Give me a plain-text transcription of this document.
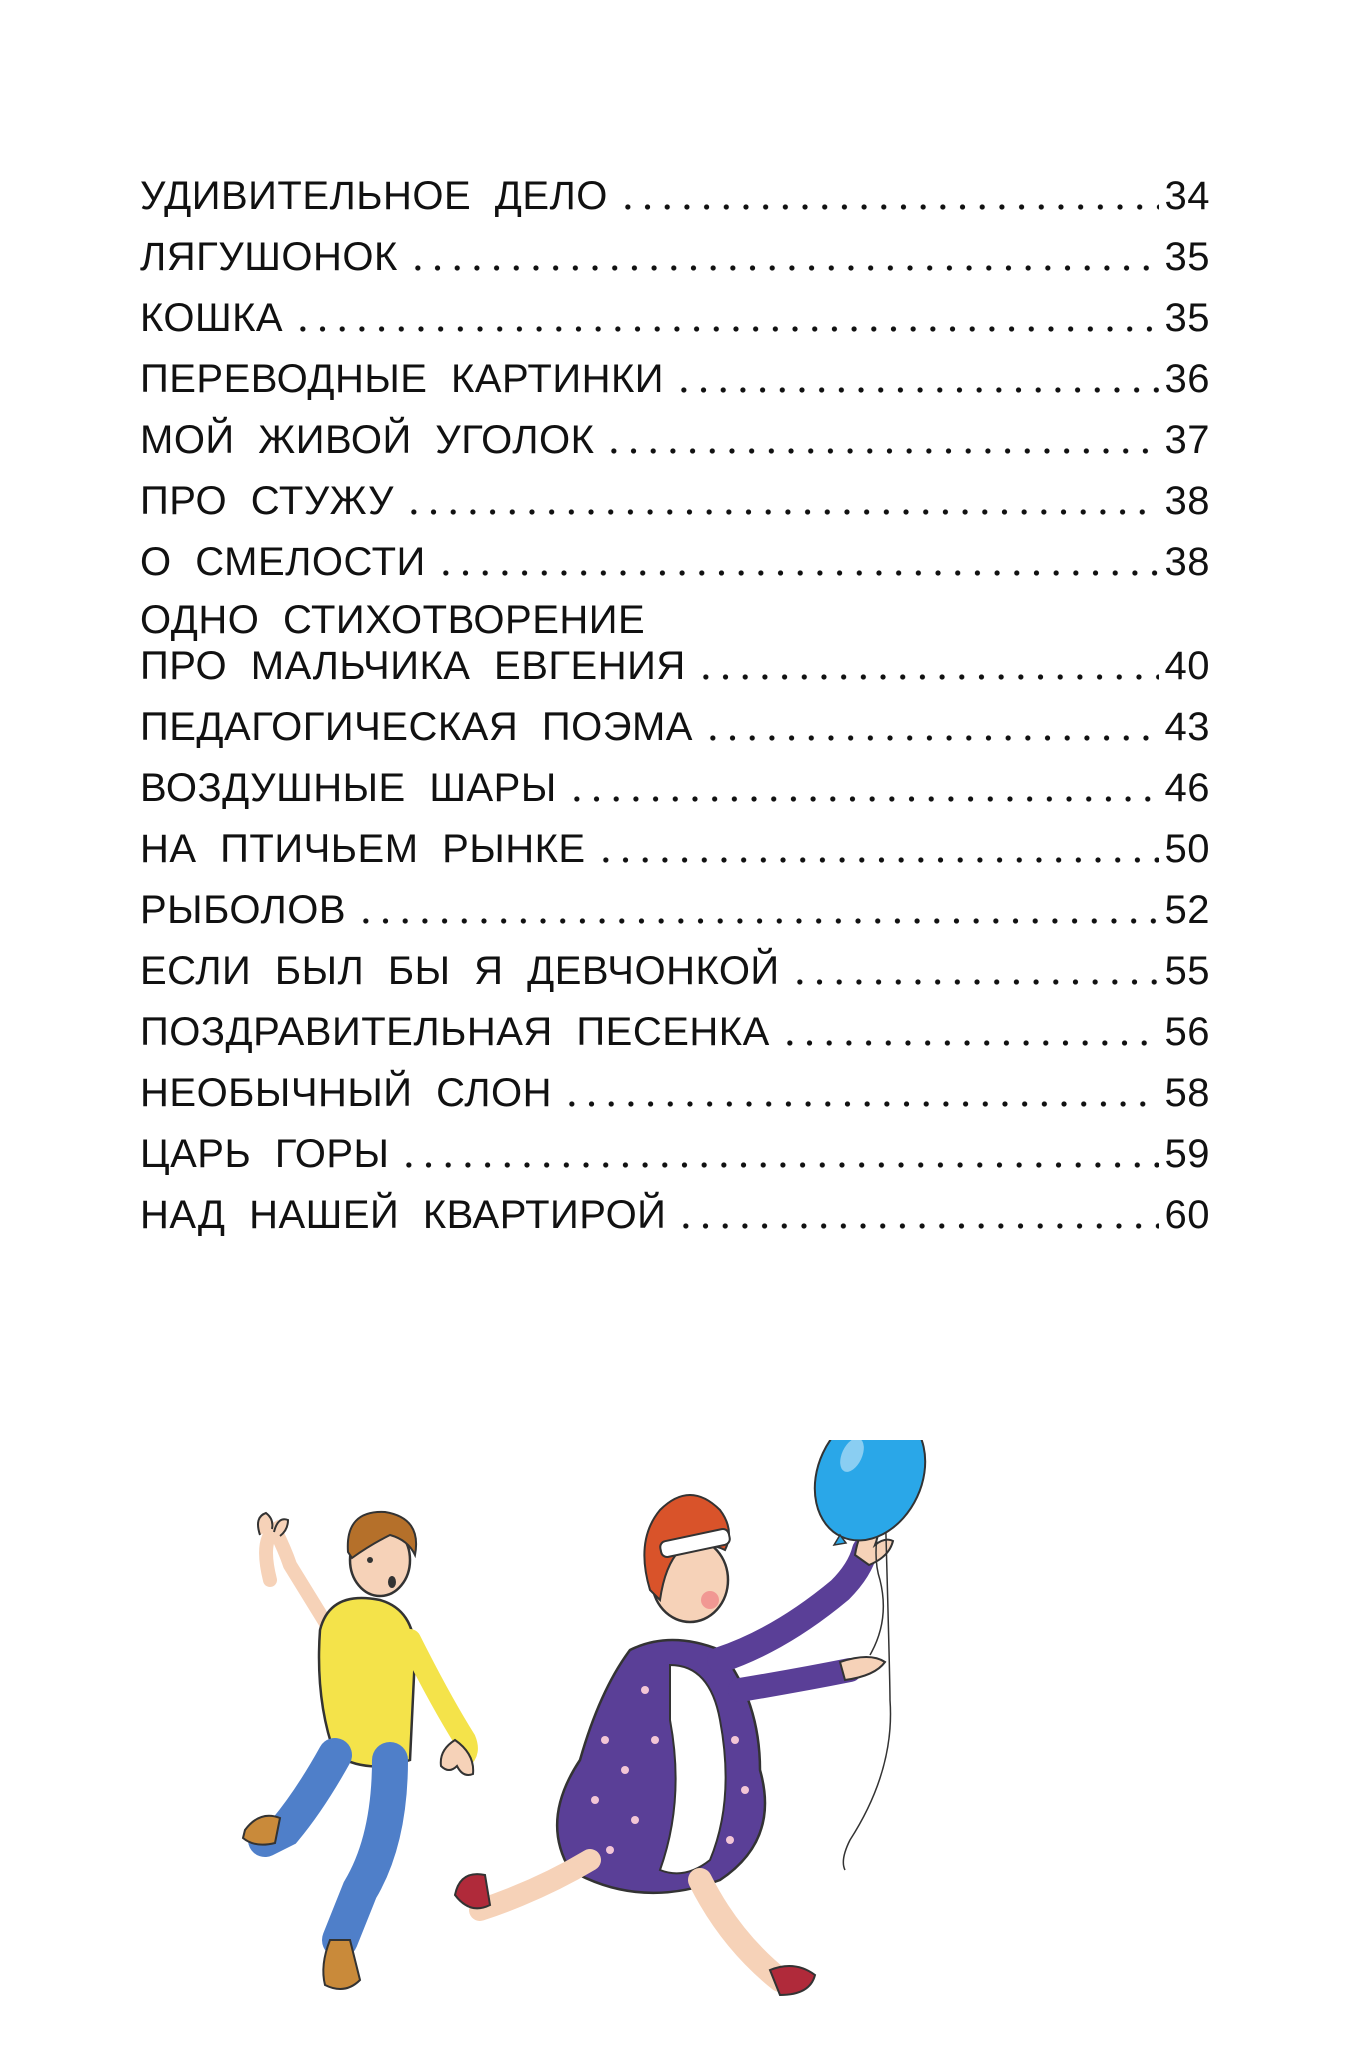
УДИВИТЕЛЬНОЕ ДЕЛО	34
ЛЯГУШОНОК	35
КОШКА	35
ПЕРЕВОДНЫЕ КАРТИНКИ	36
МОЙ ЖИВОЙ УГОЛОК	37
ПРО СТУЖУ	38
О СМЕЛОСТИ	38
ОДНО СТИХОТВОРЕНИЕ
ПРО МАЛЬЧИКА ЕВГЕНИЯ	40
ПЕДАГОГИЧЕСКАЯ ПОЭМА	43
ВОЗДУШНЫЕ ШАРЫ	46
НА ПТИЧЬЕМ РЫНКЕ	50
РЫБОЛОВ	52
ЕСЛИ БЫЛ БЫ Я ДЕВЧОНКОЙ	55
ПОЗДРАВИТЕЛЬНАЯ ПЕСЕНКА	56
НЕОБЫЧНЫЙ СЛОН	58
ЦАРЬ ГОРЫ	59
НАД НАШЕЙ КВАРТИРОЙ	60
